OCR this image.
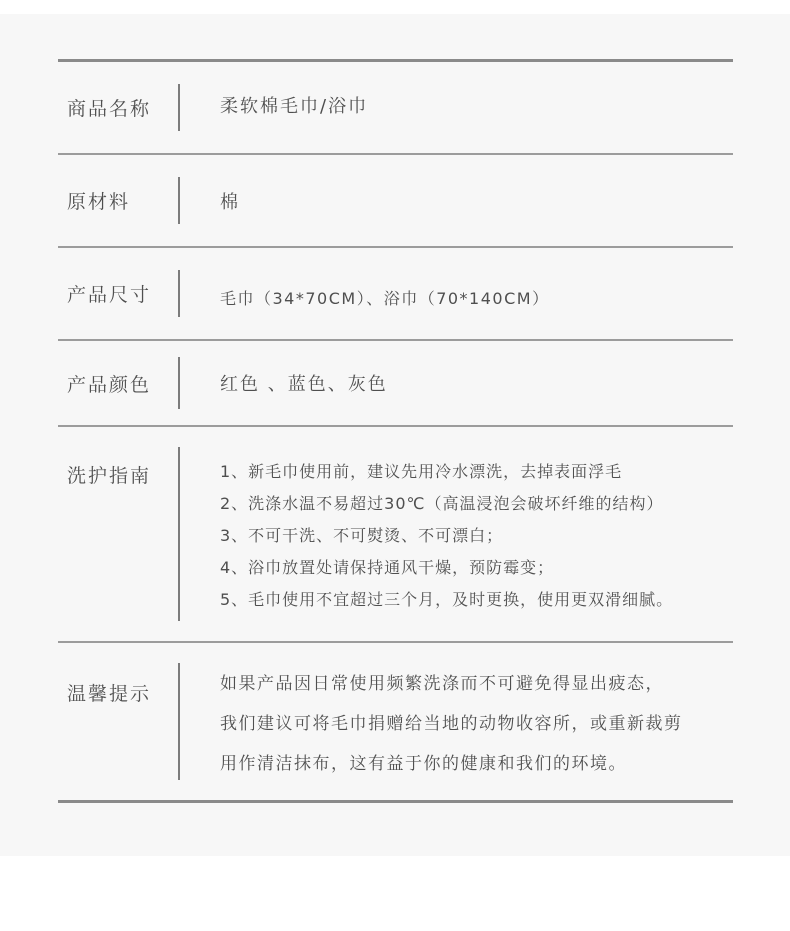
商品名称	柔软棉毛巾/浴巾
原材料	棉
产品尺寸	毛巾（34*70CM）、浴巾（70*140CM）
产品颜色	红色 、蓝色、灰色
洗护指南	1、新毛巾使用前，建议先用冷水漂洗，去掉表面浮毛
2、洗涤水温不易超过30℃（高温浸泡会破坏纤维的结构）
3、不可干洗、不可熨烫、不可漂白；
4、浴巾放置处请保持通风干燥，预防霉变；
5、毛巾使用不宜超过三个月，及时更换，使用更双滑细腻。
温馨提示	如果产品因日常使用频繁洗涤而不可避免得显出疲态，
我们建议可将毛巾捐赠给当地的动物收容所，或重新裁剪
用作清洁抹布，这有益于你的健康和我们的环境。
